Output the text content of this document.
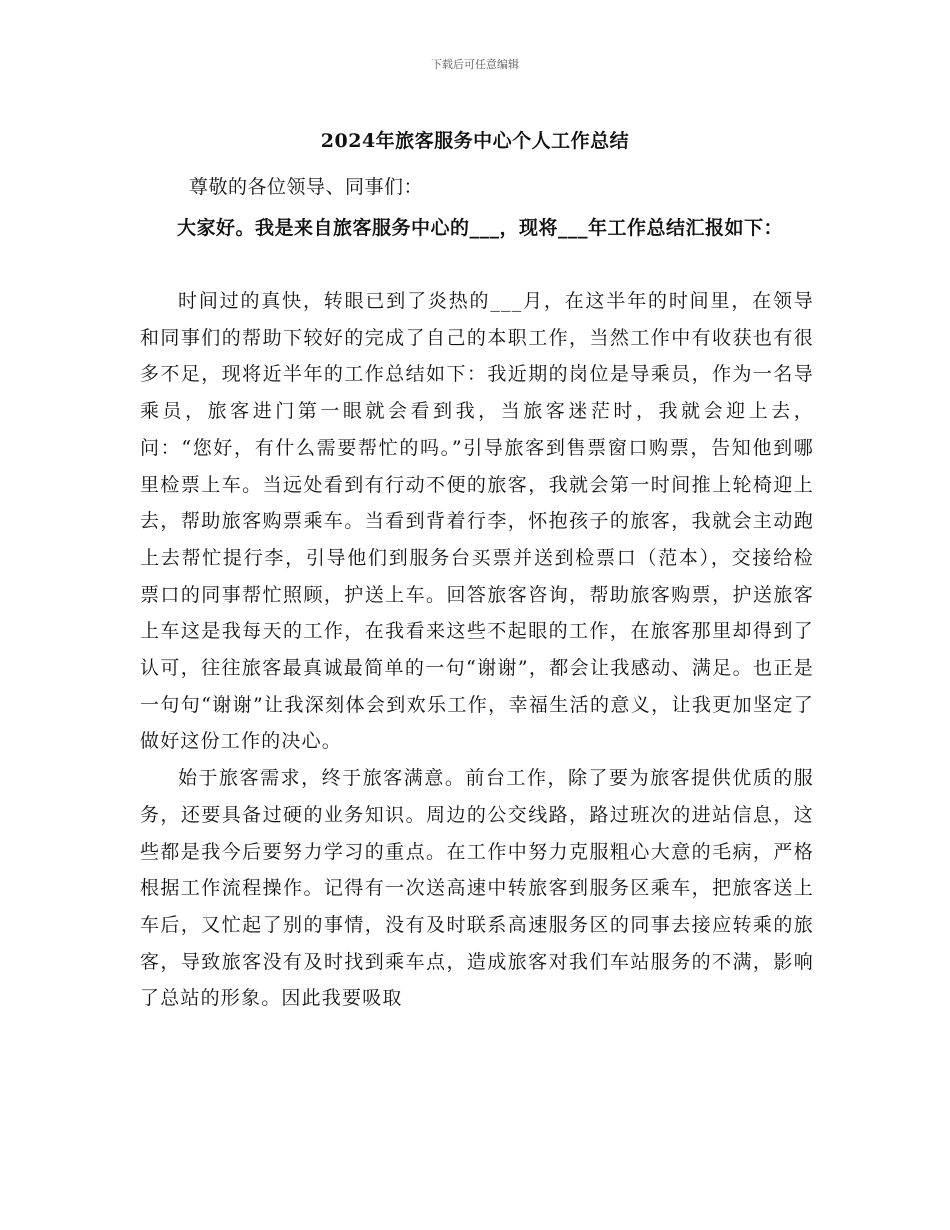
下载后可任意编辑
2024年旅客服务中心个人工作总结
尊敬的各位领导、同事们：
大家好。我是来自旅客服务中心的___，现将___年工作总结汇报如下：

时间过的真快，转眼已到了炎热的___月，在这半年的时间里，在领导和同事们的帮助下较好的完成了自己的本职工作，当然工作中有收获也有很多不足，现将近半年的工作总结如下：我近期的岗位是导乘员，作为一名导乘员，旅客进门第一眼就会看到我，当旅客迷茫时，我就会迎上去，问：“您好，有什么需要帮忙的吗。”引导旅客到售票窗口购票，告知他到哪里检票上车。当远处看到有行动不便的旅客，我就会第一时间推上轮椅迎上去，帮助旅客购票乘车。当看到背着行李，怀抱孩子的旅客，我就会主动跑上去帮忙提行李，引导他们到服务台买票并送到检票口（范本），交接给检票口的同事帮忙照顾，护送上车。回答旅客咨询，帮助旅客购票，护送旅客上车这是我每天的工作，在我看来这些不起眼的工作，在旅客那里却得到了认可，往往旅客最真诚最简单的一句“谢谢”，都会让我感动、满足。也正是一句句“谢谢”让我深刻体会到欢乐工作，幸福生活的意义，让我更加坚定了做好这份工作的决心。

始于旅客需求，终于旅客满意。前台工作，除了要为旅客提供优质的服务，还要具备过硬的业务知识。周边的公交线路，路过班次的进站信息，这些都是我今后要努力学习的重点。在工作中努力克服粗心大意的毛病，严格根据工作流程操作。记得有一次送高速中转旅客到服务区乘车，把旅客送上车后，又忙起了别的事情，没有及时联系高速服务区的同事去接应转乘的旅客，导致旅客没有及时找到乘车点，造成旅客对我们车站服务的不满，影响了总站的形象。因此我要吸取
